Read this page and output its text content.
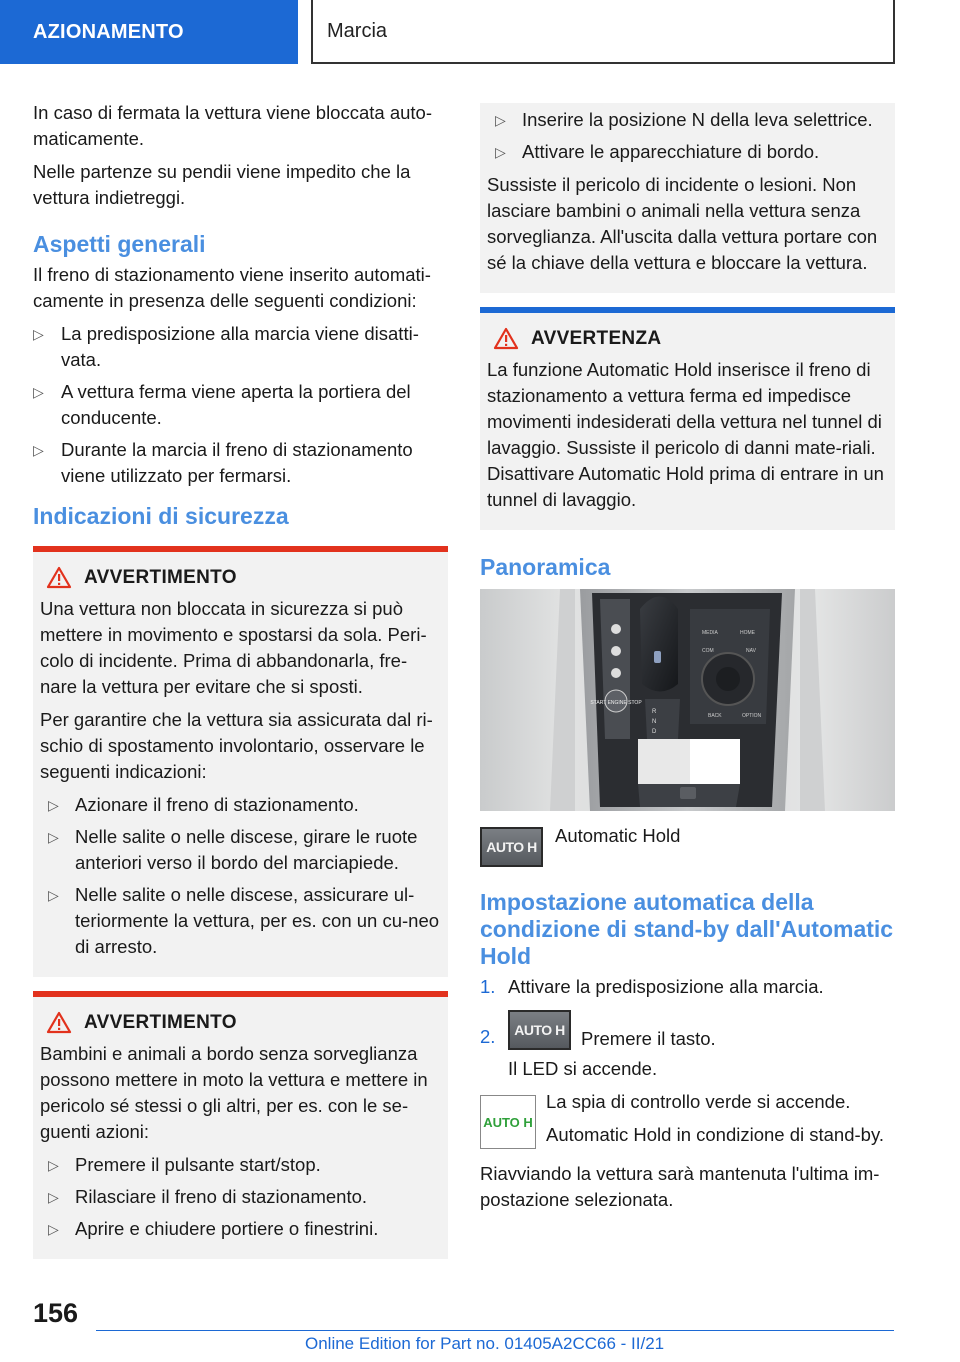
AZIONAMENTO	Marcia

In caso di fermata la vettura viene bloccata auto-maticamente.

Nelle partenze su pendii viene impedito che la vettura indietreggi.

Aspetti generali

Il freno di stazionamento viene inserito automati-camente in presenza delle seguenti condizioni:

▷ La predisposizione alla marcia viene disatti-vata.
▷ A vettura ferma viene aperta la portiera del conducente.
▷ Durante la marcia il freno di stazionamento viene utilizzato per fermarsi.
Indicazioni di sicurezza
AVVERTIMENTO

Una vettura non bloccata in sicurezza si può mettere in movimento e spostarsi da sola. Peri-colo di incidente. Prima di abbandonarla, fre-nare la vettura per evitare che si sposti.

Per garantire che la vettura sia assicurata dal ri-schio di spostamento involontario, osservare le seguenti indicazioni:

▷ Azionare il freno di stazionamento.
▷ Nelle salite o nelle discese, girare le ruote anteriori verso il bordo del marciapiede.
▷ Nelle salite o nelle discese, assicurare ul-teriormente la vettura, per es. con un cu-neo di arresto.
AVVERTIMENTO

Bambini e animali a bordo senza sorveglianza possono mettere in moto la vettura e mettere in pericolo sé stessi o gli altri, per es. con le se-guenti azioni:

▷ Premere il pulsante start/stop.
▷ Rilasciare il freno di stazionamento.
▷ Aprire e chiudere portiere o finestrini.
▷ Inserire la posizione N della leva selettrice.
▷ Attivare le apparecchiature di bordo.

Sussiste il pericolo di incidente o lesioni. Non lasciare bambini o animali nella vettura senza sorveglianza. All'uscita dalla vettura portare con sé la chiave della vettura e bloccare la vettura.

AVVERTENZA

La funzione Automatic Hold inserisce il freno di stazionamento a vettura ferma ed impedisce movimenti indesiderati della vettura nel tunnel di lavaggio. Sussiste il pericolo di danni mate-riali. Disattivare Automatic Hold prima di entrare in un tunnel di lavaggio.

Panoramica
START ENGINE STOP
R
N
D
MEDIA	HOME
COM	NAV
BACK	OPTION
AUTO H
Automatic Hold
Impostazione automatica della condizione di stand-by dall'Automatic Hold
1. Attivare la predisposizione alla marcia.
2.	AUTO H Premere il tasto.

Il LED si accende.

AUTO H

La spia di controllo verde si accende.

Automatic Hold in condizione di stand-by.

Riavviando la vettura sarà mantenuta l'ultima im-postazione selezionata.

156
Online Edition for Part no. 01405A2CC66 - II/21
